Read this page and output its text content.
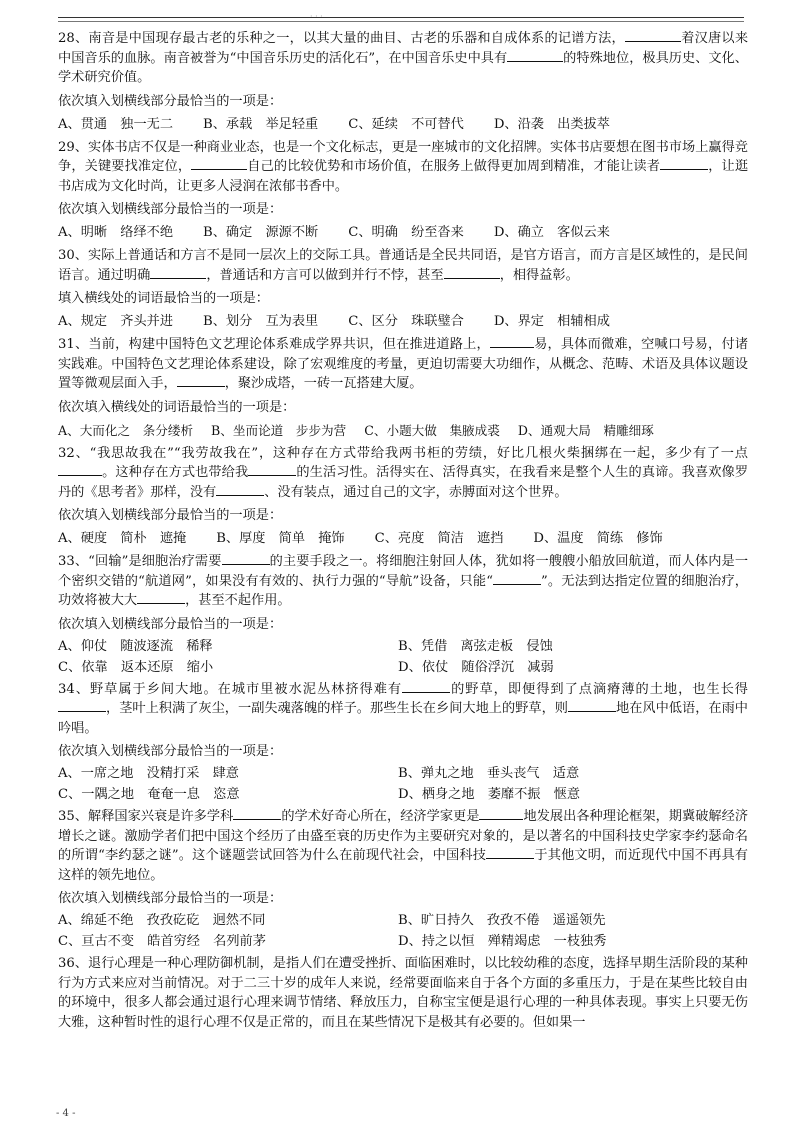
· · ·

28、南音是中国现存最古老的乐种之一，以其大量的曲目、古老的乐器和自成体系的记谱方法，	着汉唐以来中国音乐的血脉。南音被誉为“中国音乐历史的活化石”，在中国音乐史中具有	的特殊地位，极具历史、文化、学术研究价值。

依次填入划横线部分最恰当的一项是：

A、贯通　独一无二 B、承载　举足轻重 C、延续　不可替代 D、沿袭　出类拔萃

29、实体书店不仅是一种商业业态，也是一个文化标志，更是一座城市的文化招牌。实体书店要想在图书市场上赢得竞争，关键要找准定位，	自己的比较优势和市场价值，在服务上做得更加周到精准，才能让读者	，让逛书店成为文化时尚，让更多人浸润在浓郁书香中。

依次填入划横线部分最恰当的一项是：

A、明晰　络绎不绝 B、确定　源源不断 C、明确　纷至沓来 D、确立　客似云来

30、实际上普通话和方言不是同一层次上的交际工具。普通话是全民共同语，是官方语言，而方言是区域性的，是民间语言。通过明确	，普通话和方言可以做到并行不悖，甚至	，相得益彰。

填入横线处的词语最恰当的一项是：

A、规定　齐头并进 B、划分　互为表里 C、区分　珠联璧合 D、界定　相辅相成

31、当前，构建中国特色文艺理论体系难成学界共识，但在推进道路上，	易，具体而微难，空喊口号易，付诸实践难。中国特色文艺理论体系建设，除了宏观维度的考量，更迫切需要大功细作，从概念、范畴、术语及具体议题设置等微观层面入手，	，聚沙成塔，一砖一瓦搭建大厦。

依次填入横线处的词语最恰当的一项是：

A、大而化之　条分缕析 B、坐而论道　步步为营 C、小题大做　集腋成裘 D、通观大局　精雕细琢

32、“我思故我在”“我劳故我在”，这种存在方式带给我两书柜的劳绩，好比几根火柴捆绑在一起，多少有了一点。这种存在方式也带给我	的生活习性。活得实在、活得真实，在我看来是整个人生的真谛。我喜欢像罗丹的《思考者》那样，没有	、没有装点，通过自己的文字，赤膊面对这个世界。

依次填入划横线部分最恰当的一项是：

A、硬度　简朴　遮掩 B、厚度　简单　掩饰 C、亮度　简洁　遮挡 D、温度　简练　修饰

33、“回输”是细胞治疗需要	的主要手段之一。将细胞注射回人体，犹如将一艘艘小船放回航道，而人体内是一个密织交错的“航道网”，如果没有有效的、执行力强的“导航”设备，只能“	”。无法到达指定位置的细胞治疗，功效将被大大	，甚至不起作用。

依次填入划横线部分最恰当的一项是：

A、仰仗　随波逐流　稀释	B、凭借　离弦走板　侵蚀
C、依靠　返本还原　缩小	D、依仗　随俗浮沉　减弱

34、野草属于乡间大地。在城市里被水泥丛林挤得难有	的野草，即便得到了点滴瘠薄的土地，也生长得，茎叶上积满了灰尘，一副失魂落魄的样子。那些生长在乡间大地上的野草，则	地在风中低语，在雨中吟唱。

依次填入划横线部分最恰当的一项是：

A、一席之地　没精打采　肆意	B、弹丸之地　垂头丧气　适意
C、一隅之地　奄奄一息　恣意	D、栖身之地　萎靡不振　惬意

35、解释国家兴衰是许多学科	的学术好奇心所在，经济学家更是	地发展出各种理论框架，期冀破解经济增长之谜。激励学者们把中国这个经历了由盛至衰的历史作为主要研究对象的，是以著名的中国科技史学家李约瑟命名的所谓“李约瑟之谜”。这个谜题尝试回答为什么在前现代社会，中国科技	于其他文明，而近现代中国不再具有这样的领先地位。

依次填入划横线部分最恰当的一项是：

A、绵延不绝　孜孜矻矻　迥然不同	B、旷日持久　孜孜不倦　遥遥领先
C、亘古不变　皓首穷经　名列前茅	D、持之以恒　殚精竭虑　一枝独秀

36、退行心理是一种心理防御机制，是指人们在遭受挫折、面临困难时，以比较幼稚的态度，选择早期生活阶段的某种行为方式来应对当前情况。对于二三十岁的成年人来说，经常要面临来自于各个方面的多重压力，于是在某些比较自由的环境中，很多人都会通过退行心理来调节情绪、释放压力，自称宝宝便是退行心理的一种具体表现。事实上只要无伤大雅，这种暂时性的退行心理不仅是正常的，而且在某些情况下是极其有必要的。但如果一

- 4 -
